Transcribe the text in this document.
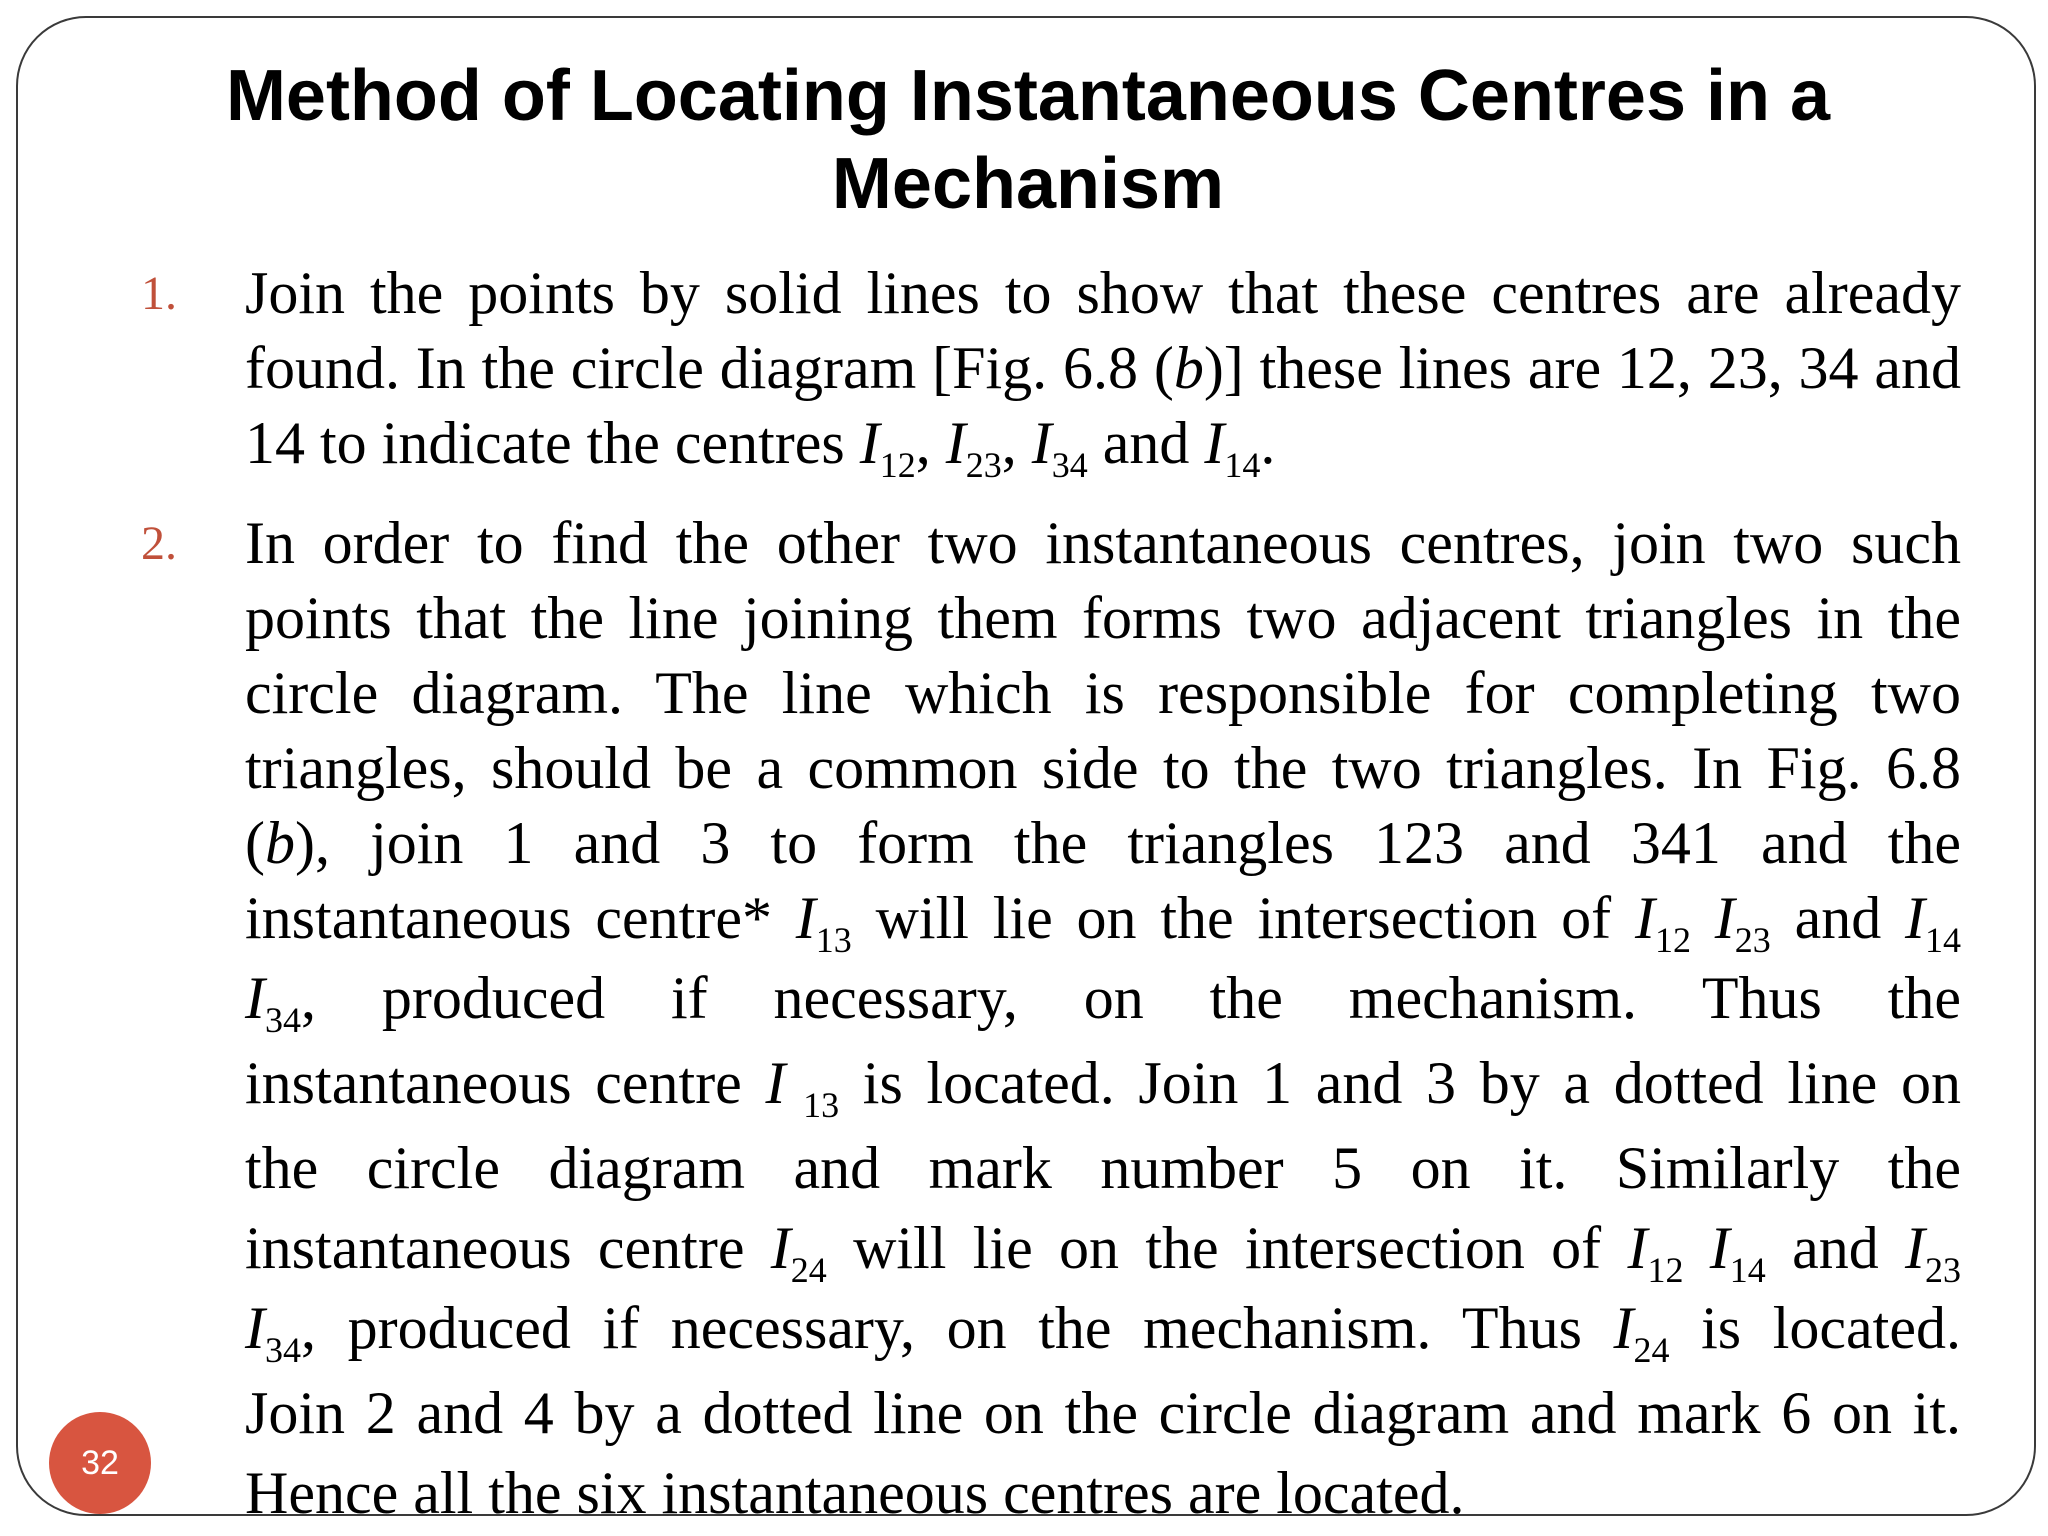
Method of Locating Instantaneous Centres in a
Mechanism
1. Join the points by solid lines to show that these centres are already found. In the circle diagram [Fig. 6.8 (b)] these lines are 12, 23, 34 and 14 to indicate the centres $I_{12}$, $I_{23}$, $I_{34}$ and $I_{14}$.
2. In order to find the other two instantaneous centres, join two such
points that the line joining them forms two adjacent triangles in the
circle diagram. The line which is responsible for completing two
triangles, should be a common side to the two triangles. In Fig. 6.8
(b), join 1 and 3 to form the triangles 123 and 341 and the
instantaneous centre* $I_{13}$ will lie on the intersection of $I_{12}$ $I_{23}$ and $I_{14}$
$I_{34}$, produced if necessary, on the mechanism. Thus the
instantaneous centre I $_{13}$ is located. Join 1 and 3 by a dotted line on
the circle diagram and mark number 5 on it. Similarly the
instantaneous centre $I_{24}$ will lie on the intersection of $I_{12}$ $I_{14}$ and $I_{23}$
$I_{34}$, produced if necessary, on the mechanism. Thus $I_{24}$ is located.
Join 2 and 4 by a dotted line on the circle diagram and mark 6 on it.
Hence all the six instantaneous centres are located.
32
